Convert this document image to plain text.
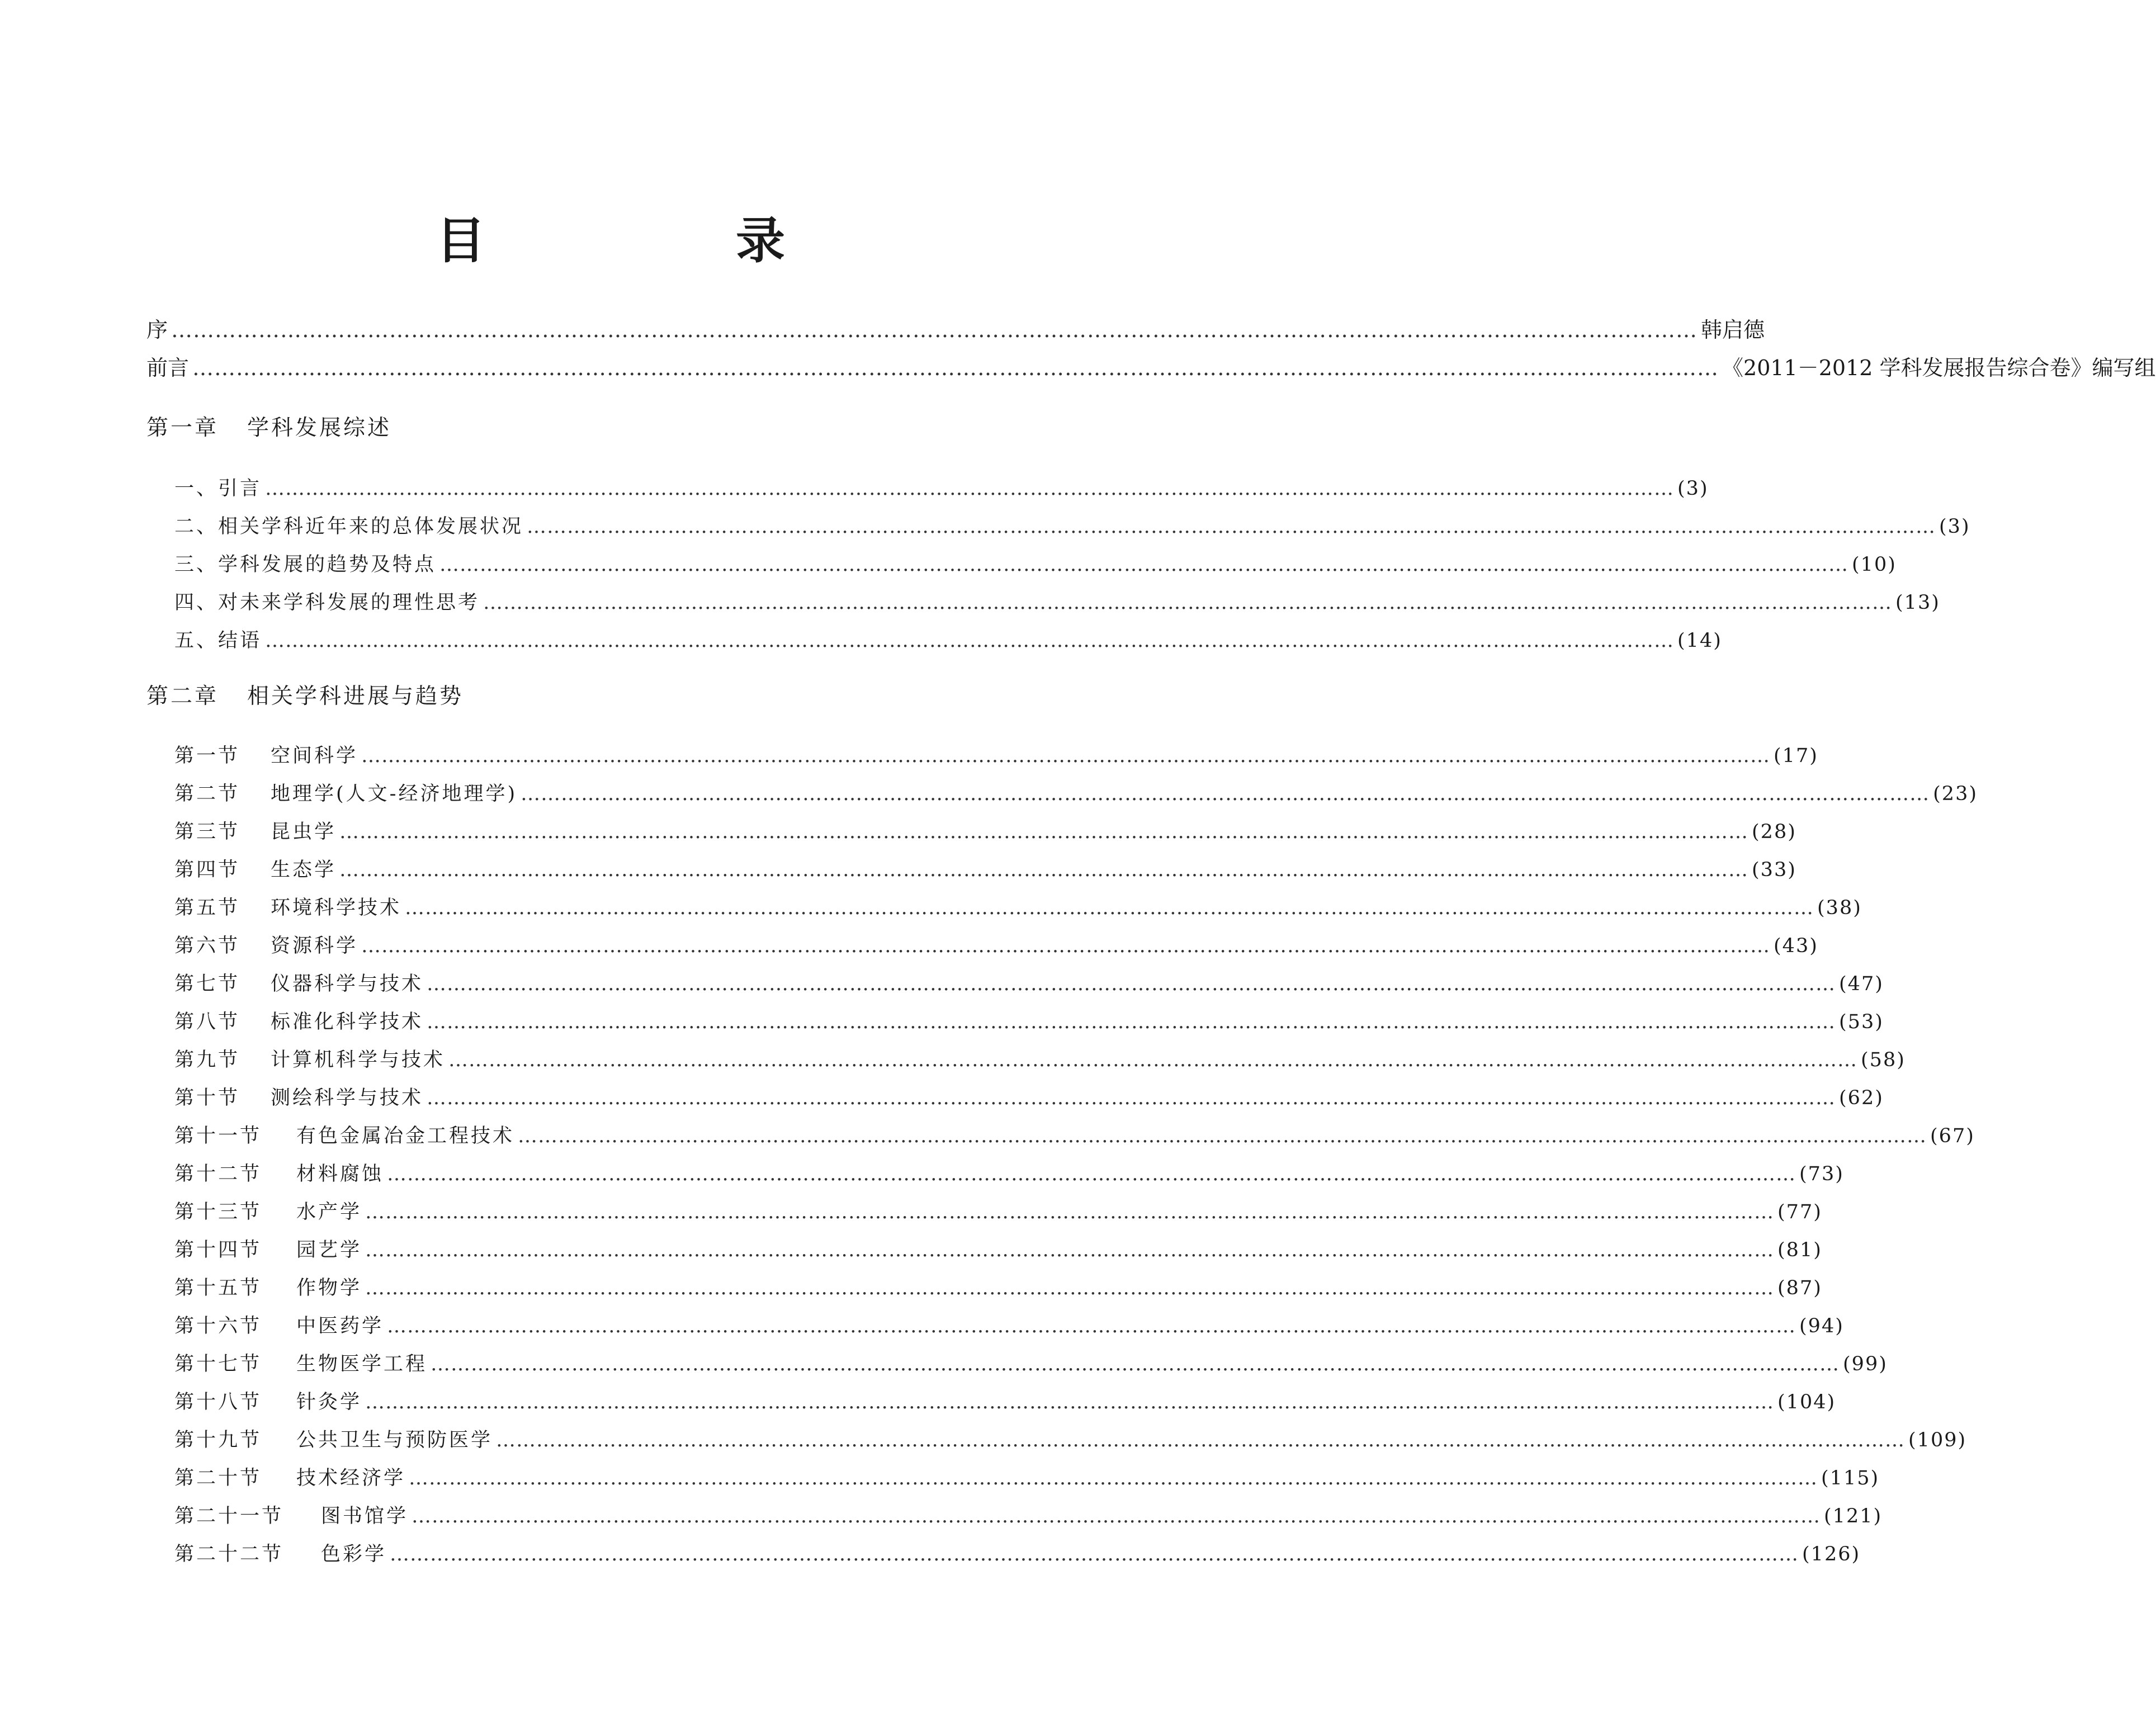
目　录
序 ………………………………………………………………………………………………………………………………………………………………………………………… 韩启德
前言 ………………………………………………………………………………………………………………………………………………………………………………………… 《2011－2012 学科发展报告综合卷》编写组
第一章 学科发展综述
一、引言 ………………………………………………………………………………………………………………………………………………………………………………………… (3)
二、相关学科近年来的总体发展状况 ………………………………………………………………………………………………………………………………………………………………………………………… (3)
三、学科发展的趋势及特点 ………………………………………………………………………………………………………………………………………………………………………………………… (10)
四、对未来学科发展的理性思考 ………………………………………………………………………………………………………………………………………………………………………………………… (13)
五、结语 ………………………………………………………………………………………………………………………………………………………………………………………… (14)
第二章 相关学科进展与趋势
第一节	空间科学 ………………………………………………………………………………………………………………………………………………………………………………………… (17)
第二节	地理学(人文-经济地理学) ………………………………………………………………………………………………………………………………………………………………………………………… (23)
第三节	昆虫学 ………………………………………………………………………………………………………………………………………………………………………………………… (28)
第四节	生态学 ………………………………………………………………………………………………………………………………………………………………………………………… (33)
第五节	环境科学技术 ………………………………………………………………………………………………………………………………………………………………………………………… (38)
第六节	资源科学 ………………………………………………………………………………………………………………………………………………………………………………………… (43)
第七节	仪器科学与技术 ………………………………………………………………………………………………………………………………………………………………………………………… (47)
第八节	标准化科学技术 ………………………………………………………………………………………………………………………………………………………………………………………… (53)
第九节	计算机科学与技术 ………………………………………………………………………………………………………………………………………………………………………………………… (58)
第十节	测绘科学与技术 ………………………………………………………………………………………………………………………………………………………………………………………… (62)
第十一节	有色金属冶金工程技术 ………………………………………………………………………………………………………………………………………………………………………………………… (67)
第十二节	材料腐蚀 ………………………………………………………………………………………………………………………………………………………………………………………… (73)
第十三节	水产学 ………………………………………………………………………………………………………………………………………………………………………………………… (77)
第十四节	园艺学 ………………………………………………………………………………………………………………………………………………………………………………………… (81)
第十五节	作物学 ………………………………………………………………………………………………………………………………………………………………………………………… (87)
第十六节	中医药学 ………………………………………………………………………………………………………………………………………………………………………………………… (94)
第十七节	生物医学工程 ………………………………………………………………………………………………………………………………………………………………………………………… (99)
第十八节	针灸学 ………………………………………………………………………………………………………………………………………………………………………………………… (104)
第十九节	公共卫生与预防医学 ………………………………………………………………………………………………………………………………………………………………………………………… (109)
第二十节	技术经济学 ………………………………………………………………………………………………………………………………………………………………………………………… (115)
第二十一节	图书馆学 ………………………………………………………………………………………………………………………………………………………………………………………… (121)
第二十二节	色彩学 ………………………………………………………………………………………………………………………………………………………………………………………… (126)
